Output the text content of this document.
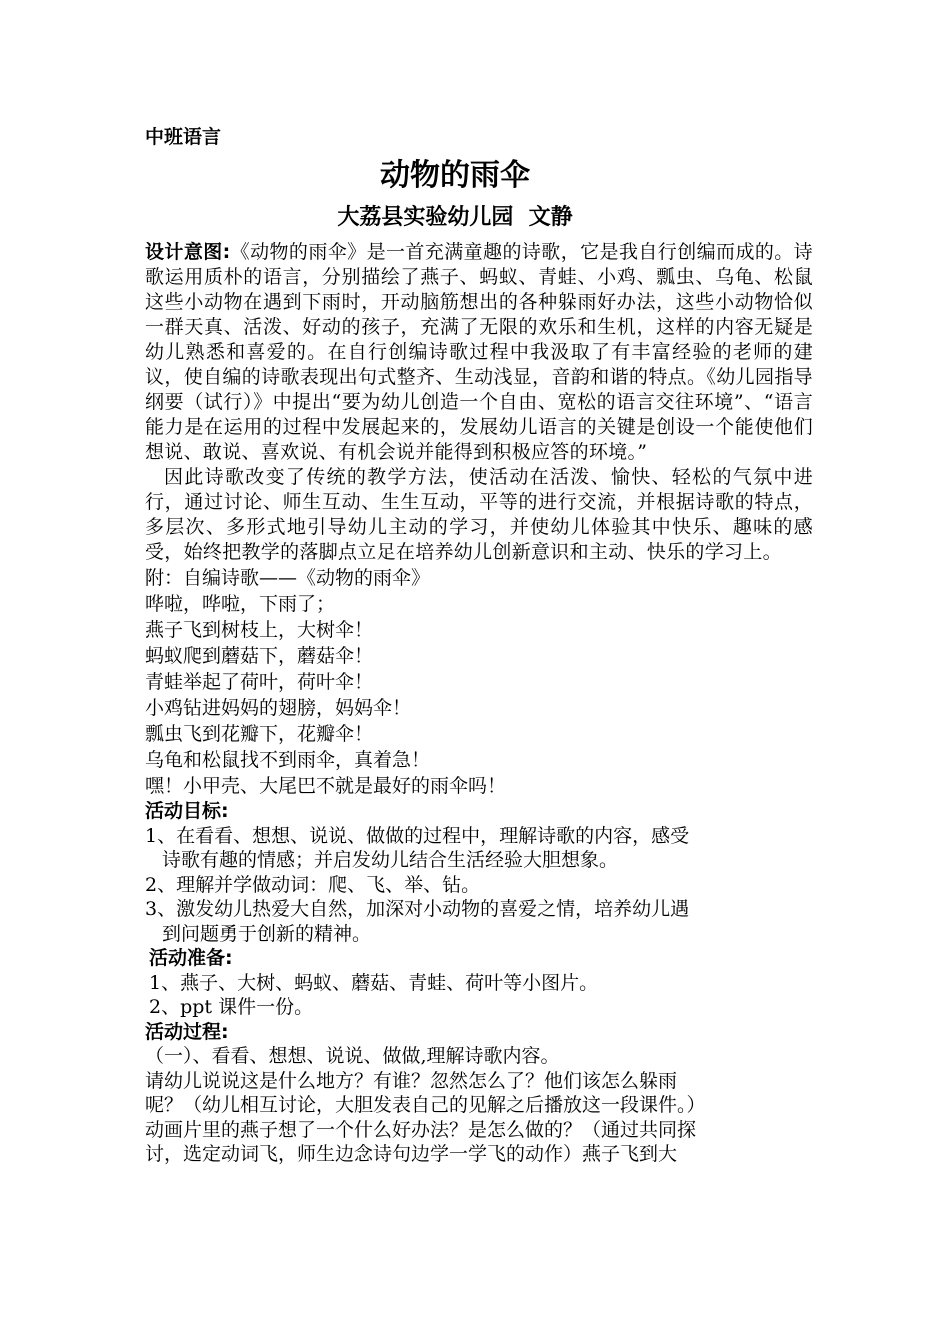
中班语言
动物的雨伞
大荔县实验幼儿园  文静
设计意图:《动物的雨伞》是一首充满童趣的诗歌，它是我自行创编而成的。诗歌运用质朴的语言，分别描绘了燕子、蚂蚁、青蛙、小鸡、瓢虫、乌龟、松鼠这些小动物在遇到下雨时，开动脑筋想出的各种躲雨好办法，这些小动物恰似一群天真、活泼、好动的孩子，充满了无限的欢乐和生机，这样的内容无疑是幼儿熟悉和喜爱的。在自行创编诗歌过程中我汲取了有丰富经验的老师的建议，使自编的诗歌表现出句式整齐、生动浅显，音韵和谐的特点。《幼儿园指导纲要（试行）》中提出“要为幼儿创造一个自由、宽松的语言交往环境”、“语言能力是在运用的过程中发展起来的，发展幼儿语言的关键是创设一个能使他们想说、敢说、喜欢说、有机会说并能得到积极应答的环境。”
因此诗歌改变了传统的教学方法，使活动在活泼、愉快、轻松的气氛中进行，通过讨论、师生互动、生生互动，平等的进行交流，并根据诗歌的特点，多层次、多形式地引导幼儿主动的学习，并使幼儿体验其中快乐、趣味的感受，始终把教学的落脚点立足在培养幼儿创新意识和主动、快乐的学习上。
附：自编诗歌——《动物的雨伞》
哗啦，哗啦，下雨了；
燕子飞到树枝上，大树伞！
蚂蚁爬到蘑菇下，蘑菇伞！
青蛙举起了荷叶，荷叶伞！
小鸡钻进妈妈的翅膀，妈妈伞！
瓢虫飞到花瓣下，花瓣伞！
乌龟和松鼠找不到雨伞，真着急！
嘿！小甲壳、大尾巴不就是最好的雨伞吗！
活动目标:
1、在看看、想想、说说、做做的过程中，理解诗歌的内容，感受
诗歌有趣的情感；并启发幼儿结合生活经验大胆想象。
2、理解并学做动词：爬、飞、举、钻。
3、激发幼儿热爱大自然，加深对小动物的喜爱之情，培养幼儿遇
到问题勇于创新的精神。
活动准备:
1、燕子、大树、蚂蚁、蘑菇、青蛙、荷叶等小图片。
2、ppt 课件一份。
活动过程:
（一）、看看、想想、说说、做做,理解诗歌内容。
请幼儿说说这是什么地方？有谁？忽然怎么了？他们该怎么躲雨
呢？（幼儿相互讨论，大胆发表自己的见解之后播放这一段课件。）
动画片里的燕子想了一个什么好办法？是怎么做的？（通过共同探
讨，选定动词飞，师生边念诗句边学一学飞的动作）燕子飞到大
